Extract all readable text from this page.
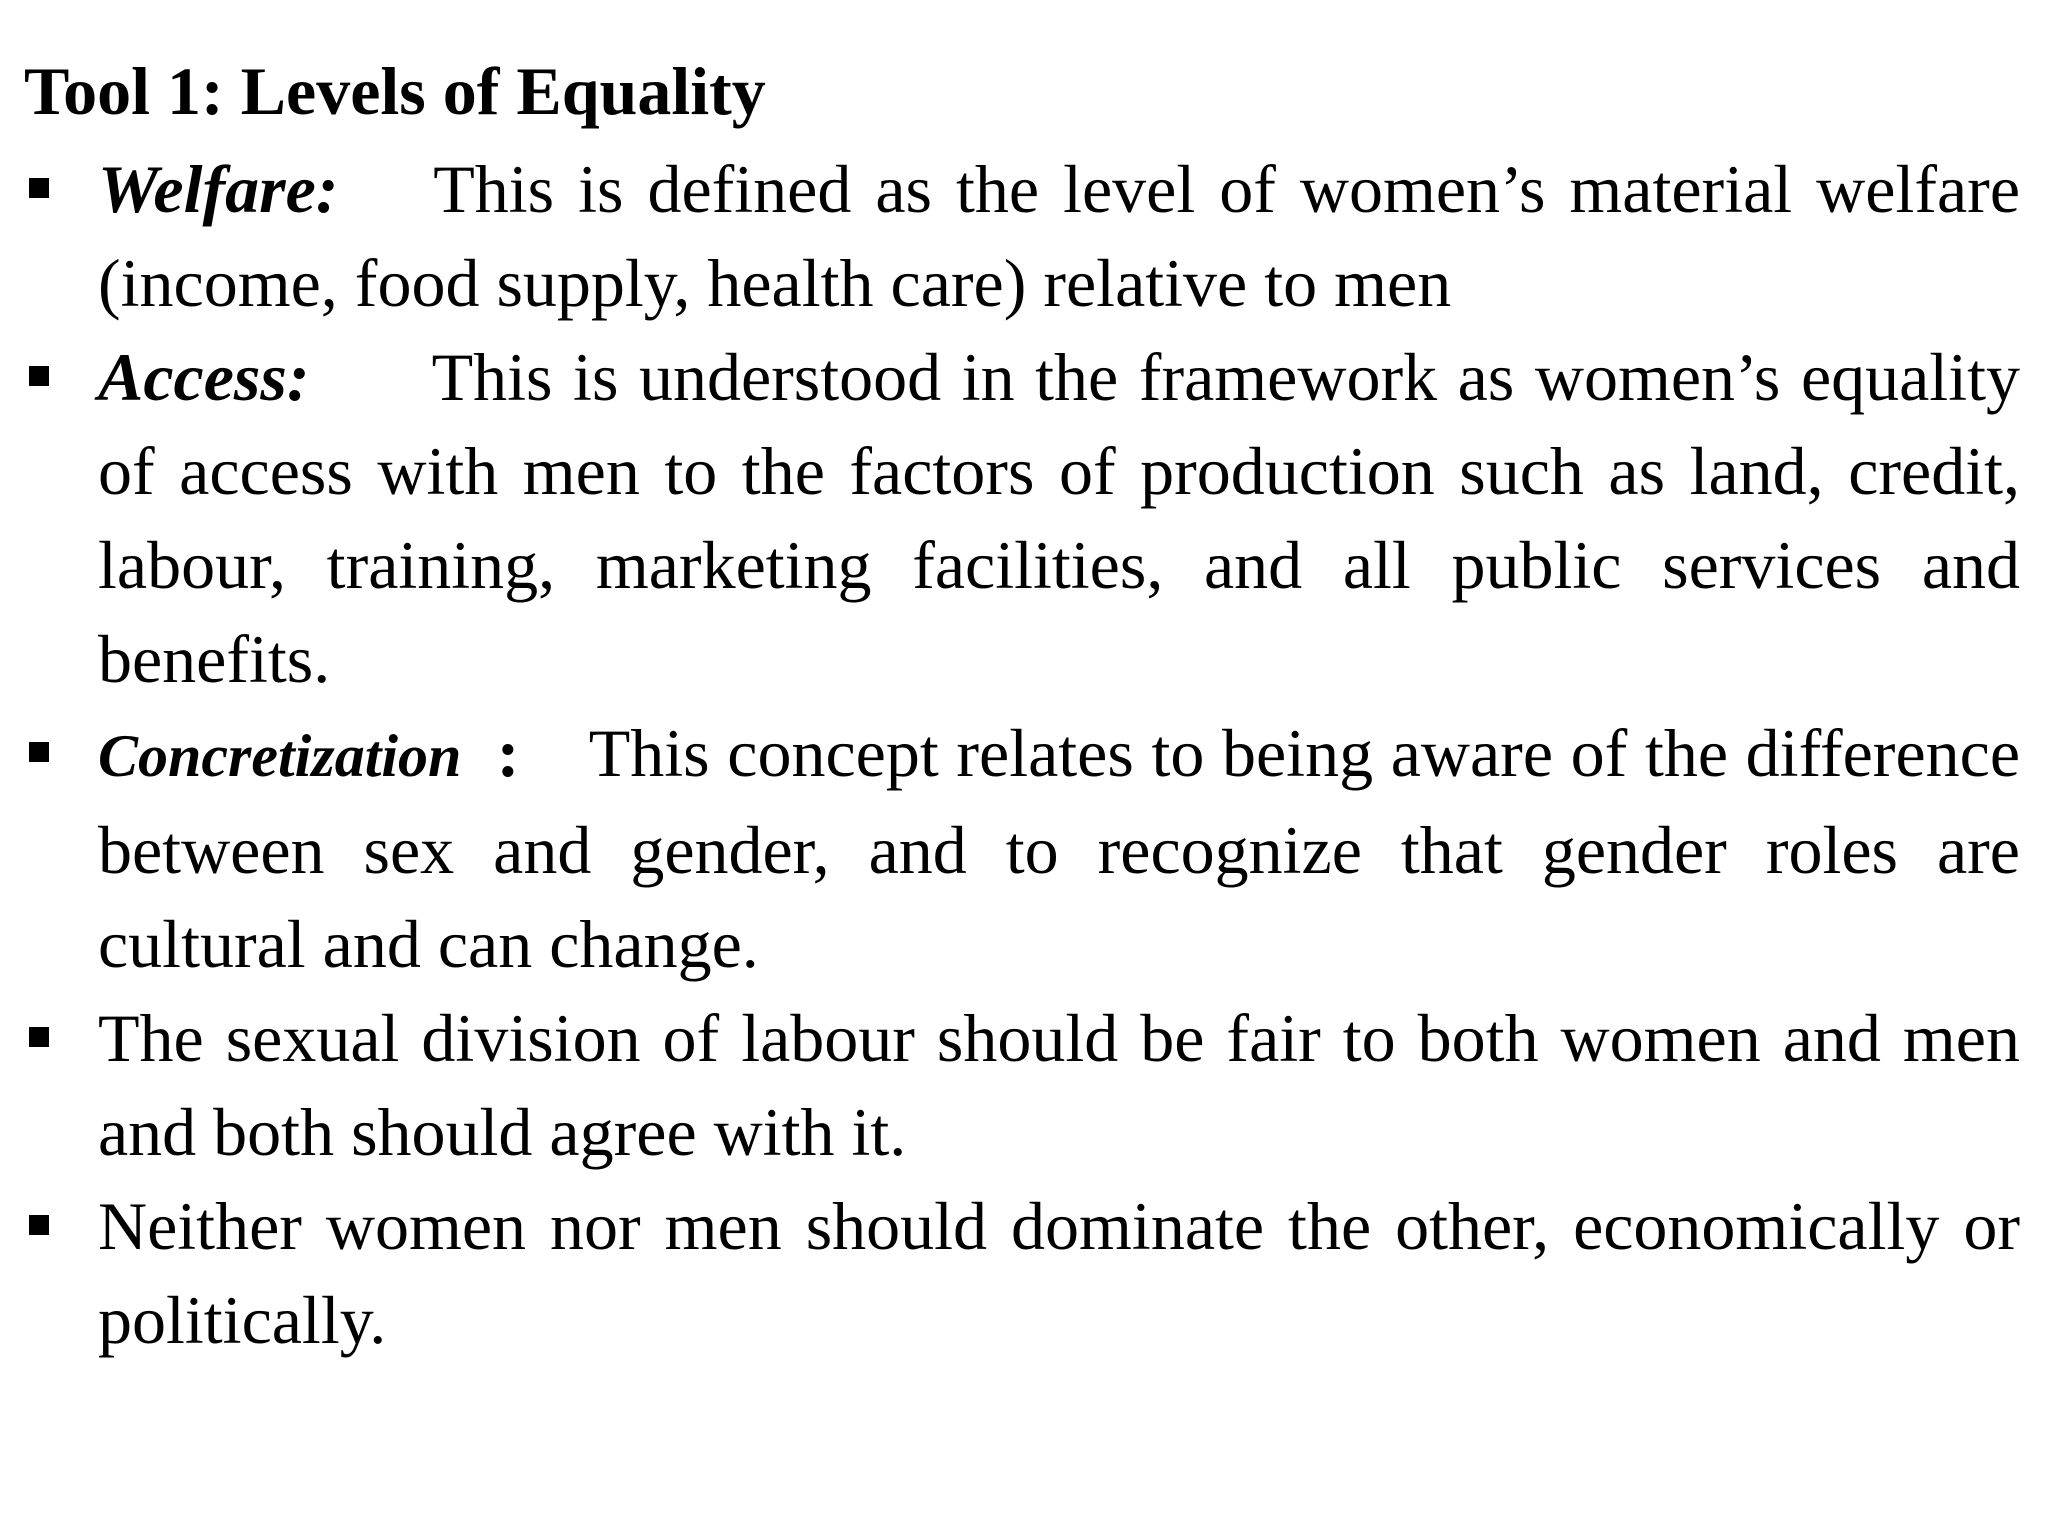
Tool 1: Levels of Equality
Welfare: This is defined as the level of women’s material welfare (income, food supply, health care) relative to men
Access: This is understood in the framework as women’s equality of access with men to the factors of production such as land, credit, labour, training, marketing facilities, and all public services and benefits.
Concretization : This concept relates to being aware of the difference between sex and gender, and to recognize that gender roles are cultural and can change.
The sexual division of labour should be fair to both women and men and both should agree with it.
Neither women nor men should dominate the other, economically or politically.
